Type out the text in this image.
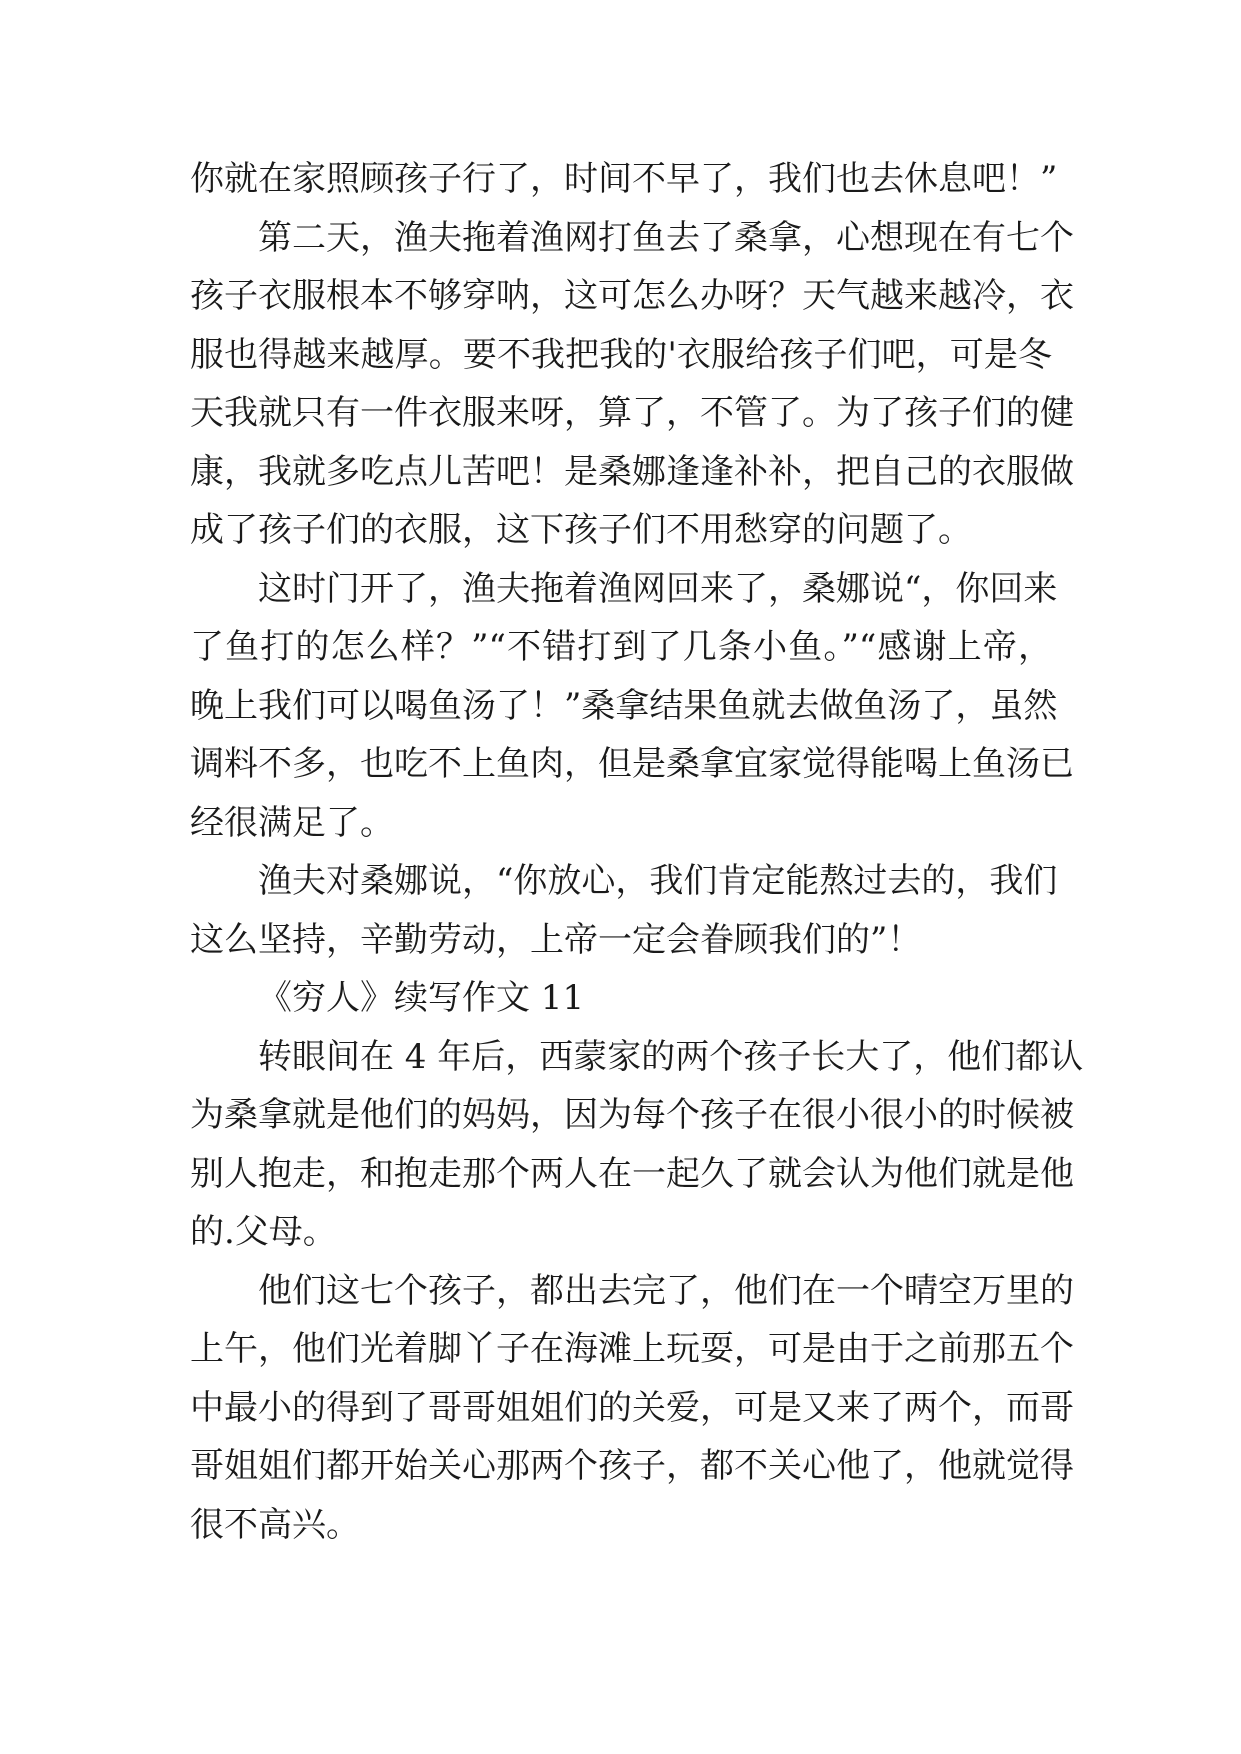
你就在家照顾孩子行了，时间不早了，我们也去休息吧！”
第二天，渔夫拖着渔网打鱼去了桑拿，心想现在有七个
孩子衣服根本不够穿呐，这可怎么办呀？天气越来越冷，衣
服也得越来越厚。要不我把我的'衣服给孩子们吧，可是冬
天我就只有一件衣服来呀，算了，不管了。为了孩子们的健
康，我就多吃点儿苦吧！是桑娜逢逢补补，把自己的衣服做
成了孩子们的衣服，这下孩子们不用愁穿的问题了。
这时门开了，渔夫拖着渔网回来了，桑娜说“，你回来
了鱼打的怎么样？”“不错打到了几条小鱼。”“感谢上帝，
晚上我们可以喝鱼汤了！”桑拿结果鱼就去做鱼汤了，虽然
调料不多，也吃不上鱼肉，但是桑拿宜家觉得能喝上鱼汤已
经很满足了。
渔夫对桑娜说，“你放心，我们肯定能熬过去的，我们
这么坚持，辛勤劳动，上帝一定会眷顾我们的”！
《穷人》续写作文 11
转眼间在 4 年后，西蒙家的两个孩子长大了，他们都认
为桑拿就是他们的妈妈，因为每个孩子在很小很小的时候被
别人抱走，和抱走那个两人在一起久了就会认为他们就是他
的.父母。
他们这七个孩子，都出去完了，他们在一个晴空万里的
上午，他们光着脚丫子在海滩上玩耍，可是由于之前那五个
中最小的得到了哥哥姐姐们的关爱，可是又来了两个，而哥
哥姐姐们都开始关心那两个孩子，都不关心他了，他就觉得
很不高兴。
